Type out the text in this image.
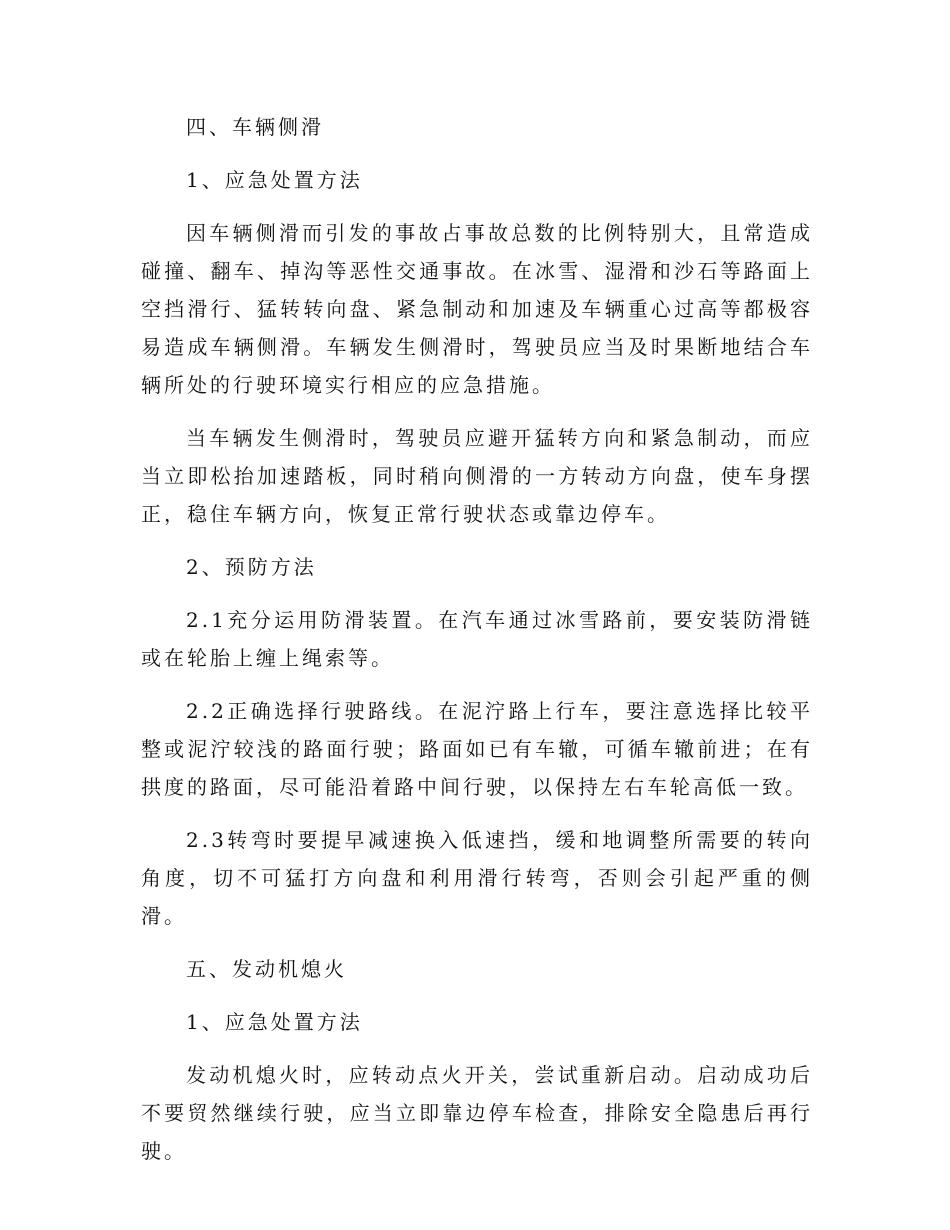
四、车辆侧滑

1、应急处置方法

因车辆侧滑而引发的事故占事故总数的比例特别大，且常造成碰撞、翻车、掉沟等恶性交通事故。在冰雪、湿滑和沙石等路面上空挡滑行、猛转转向盘、紧急制动和加速及车辆重心过高等都极容易造成车辆侧滑。车辆发生侧滑时，驾驶员应当及时果断地结合车辆所处的行驶环境实行相应的应急措施。

当车辆发生侧滑时，驾驶员应避开猛转方向和紧急制动，而应当立即松抬加速踏板，同时稍向侧滑的一方转动方向盘，使车身摆正，稳住车辆方向，恢复正常行驶状态或靠边停车。

2、预防方法

2.1充分运用防滑装置。在汽车通过冰雪路前，要安装防滑链或在轮胎上缠上绳索等。

2.2正确选择行驶路线。在泥泞路上行车，要注意选择比较平整或泥泞较浅的路面行驶；路面如已有车辙，可循车辙前进；在有拱度的路面，尽可能沿着路中间行驶，以保持左右车轮高低一致。

2.3转弯时要提早减速换入低速挡，缓和地调整所需要的转向角度，切不可猛打方向盘和利用滑行转弯，否则会引起严重的侧滑。

五、发动机熄火

1、应急处置方法

发动机熄火时，应转动点火开关，尝试重新启动。启动成功后不要贸然继续行驶，应当立即靠边停车检查，排除安全隐患后再行驶。
